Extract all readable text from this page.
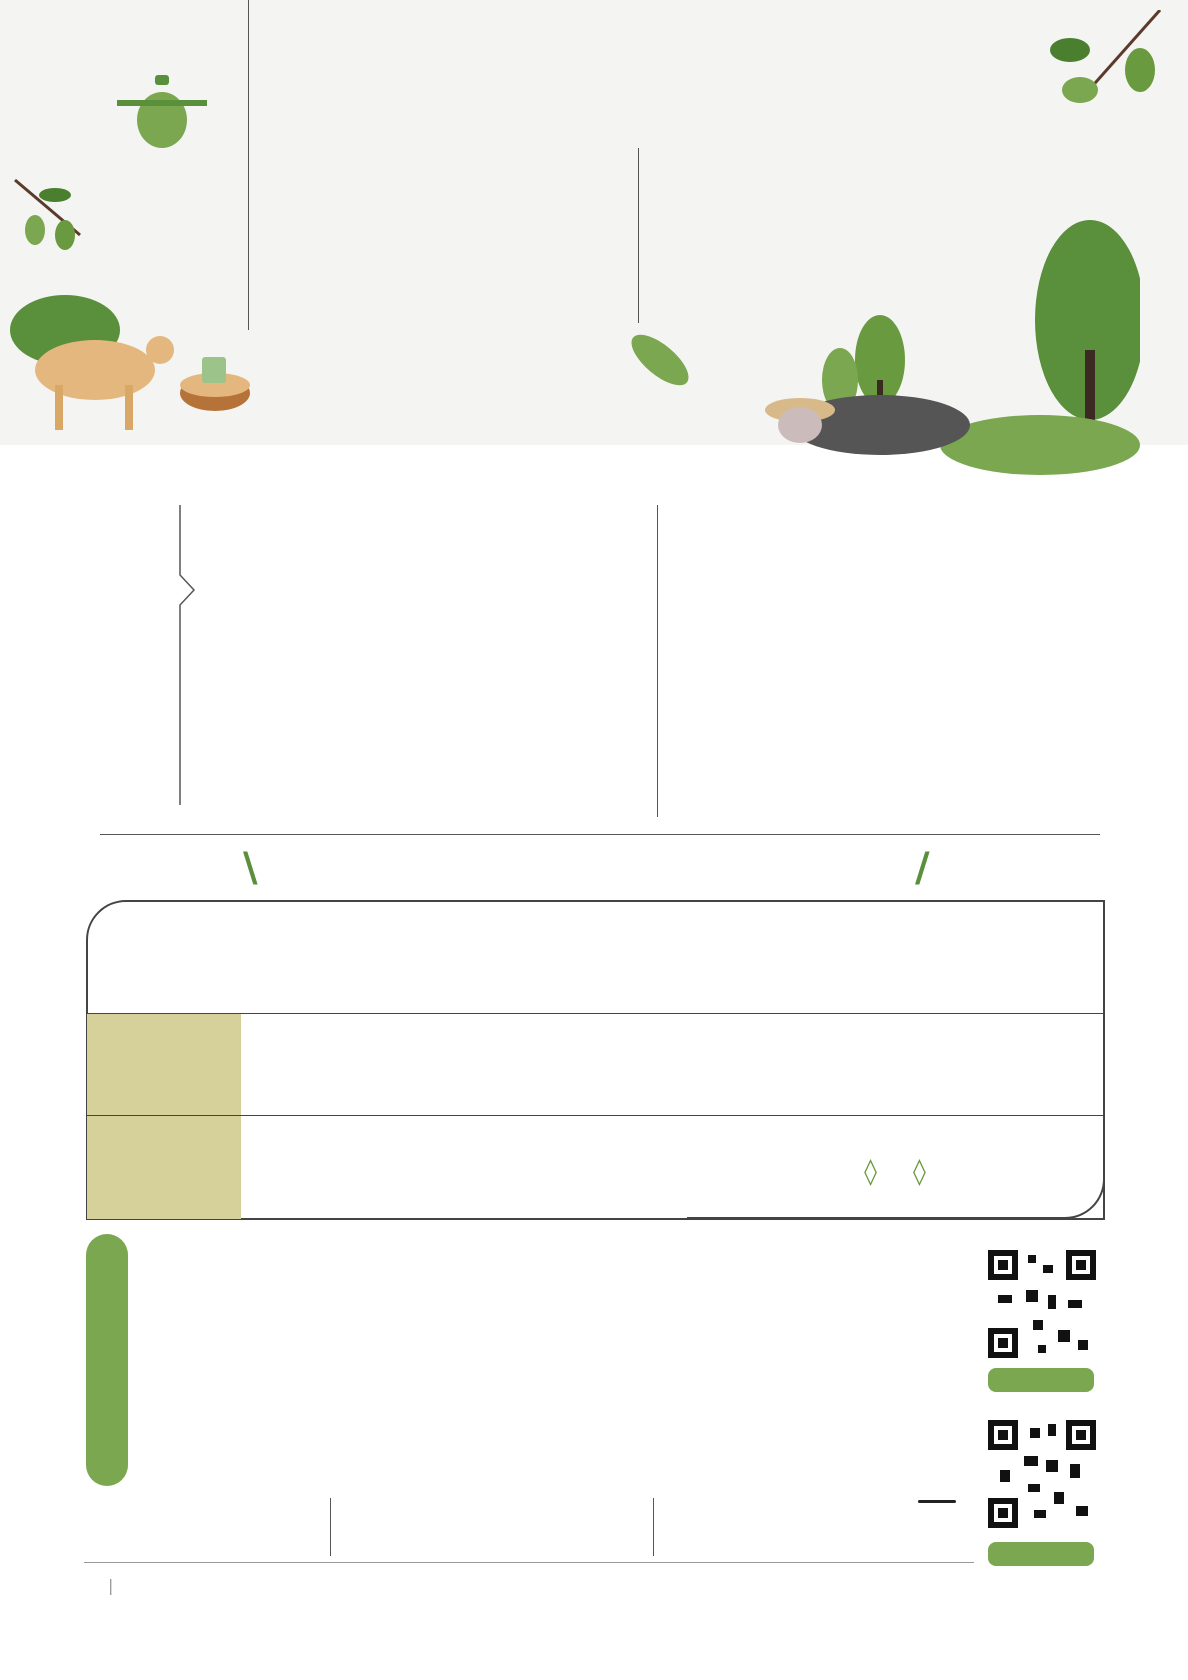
\	/
◊ ◊
|
